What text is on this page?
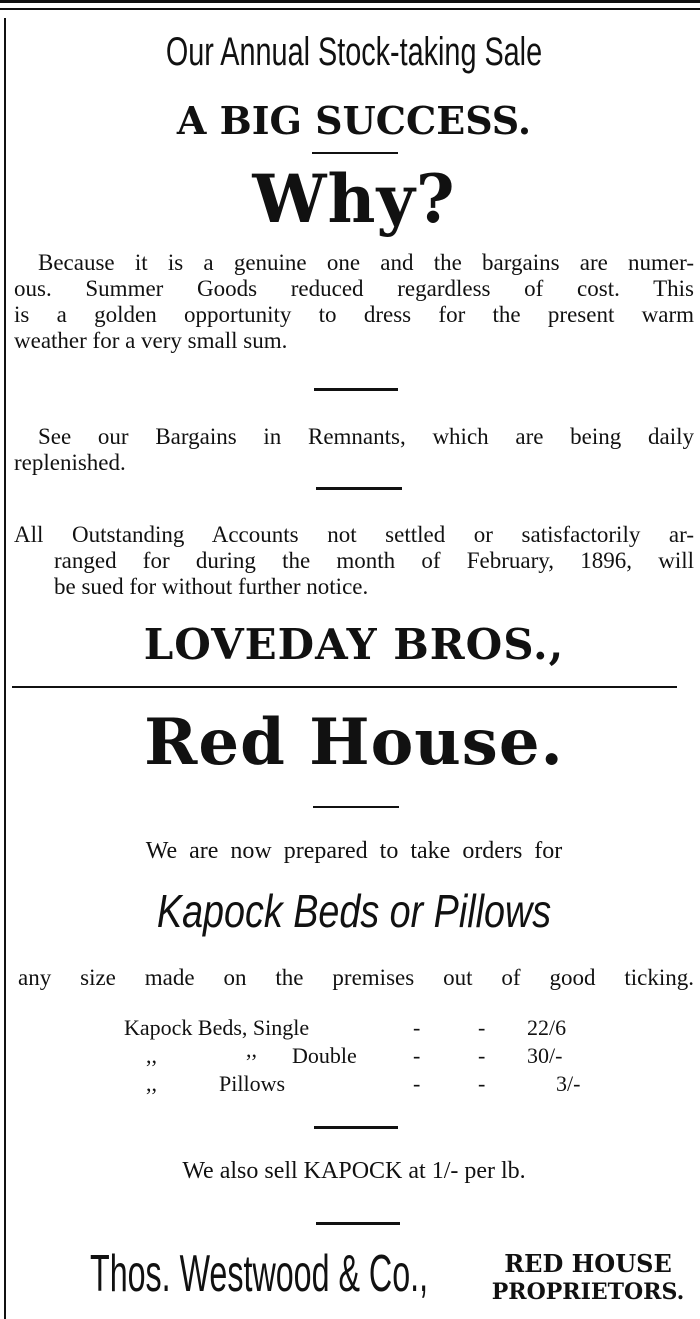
Our Annual Stock-taking Sale
A BIG SUCCESS.
Why?
Because it is a genuine one and the bargains are numer-
ous. Summer Goods reduced regardless of cost. This
is a golden opportunity to dress for the present warm
weather for a very small sum.
See our Bargains in Remnants, which are being daily
replenished.
All Outstanding Accounts not settled or satisfactorily ar-
ranged for during the month of February, 1896, will
be sued for without further notice.
LOVEDAY BROS.,
Red House.
We are now prepared to take orders for
Kapock Beds or Pillows
any size made on the premises out of good ticking.
Kapock Beds, Single	-	- 22/6
,,	,, Double	-	- 30/-
,,	Pillows	-	-	3/-
We also sell KAPOCK at 1/- per lb.
Thos. Westwood & Co.,	RED HOUSE
PROPRIETORS.
